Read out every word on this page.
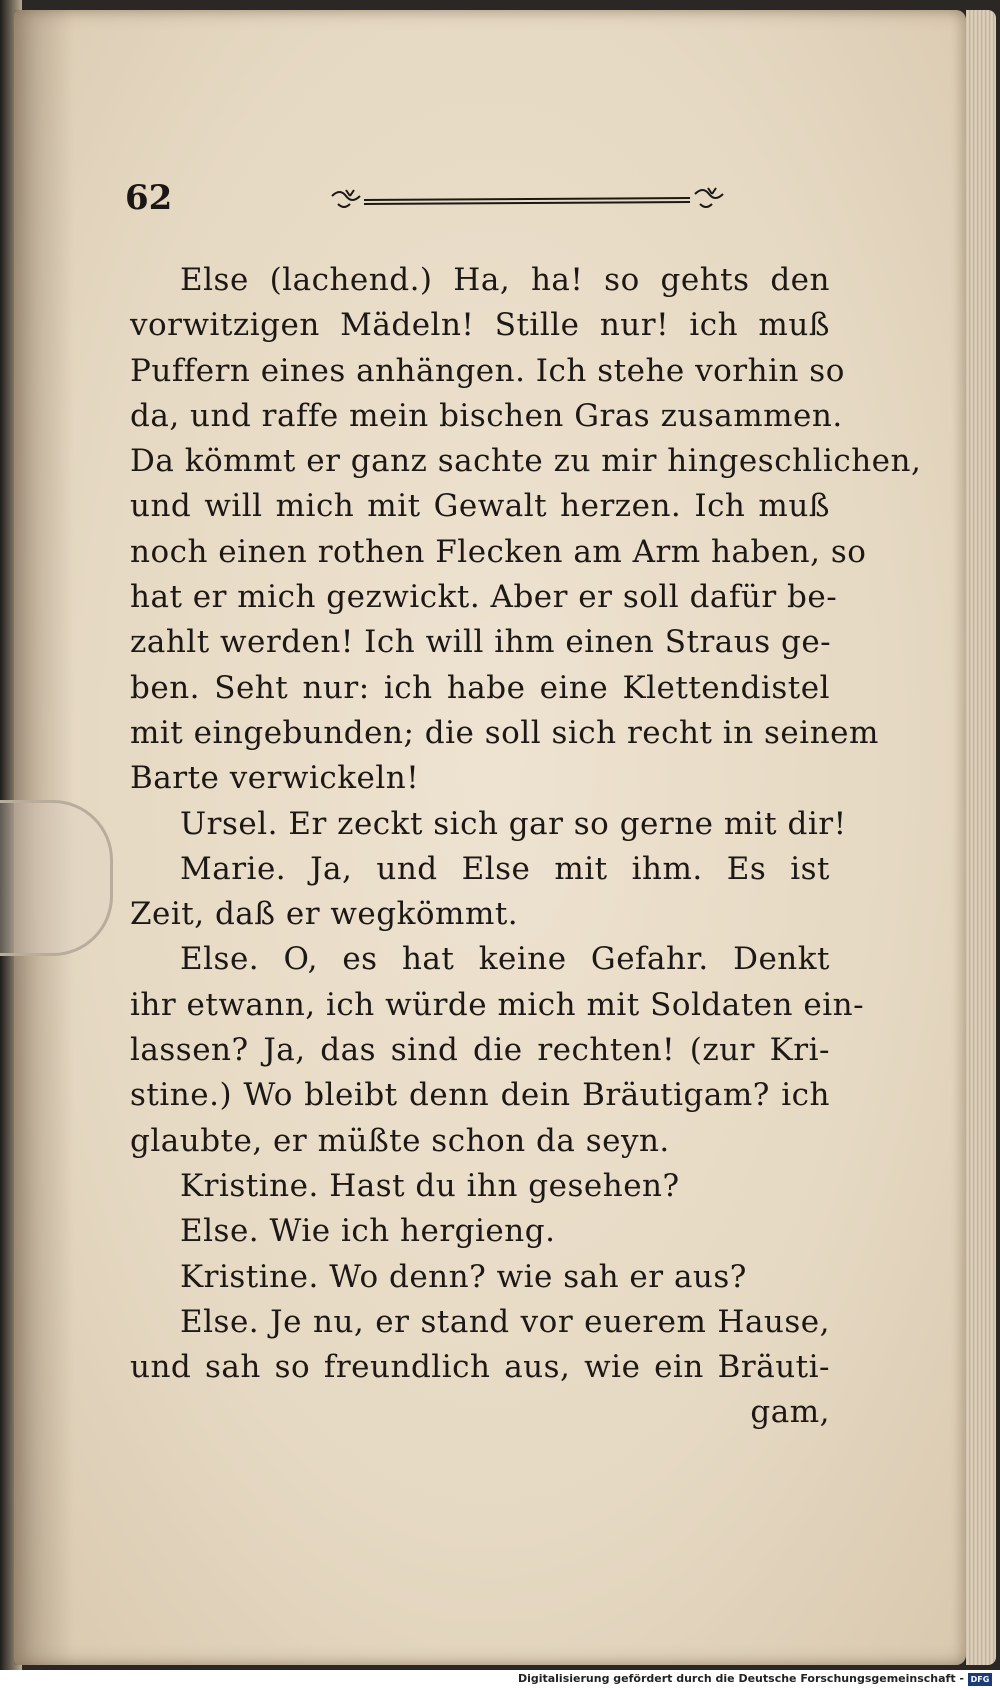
62
Else (lachend.) Ha, ha! so gehts den
vorwitzigen Mädeln! Stille nur! ich muß
Puffern eines anhängen. Ich stehe vorhin so
da, und raffe mein bischen Gras zusammen.
Da kömmt er ganz sachte zu mir hingeschlichen,
und will mich mit Gewalt herzen. Ich muß
noch einen rothen Flecken am Arm haben, so
hat er mich gezwickt. Aber er soll dafür be-
zahlt werden! Ich will ihm einen Straus ge-
ben. Seht nur: ich habe eine Klettendistel
mit eingebunden; die soll sich recht in seinem
Barte verwickeln!
Ursel. Er zeckt sich gar so gerne mit dir!
Marie. Ja, und Else mit ihm. Es ist
Zeit, daß er wegkömmt.
Else. O, es hat keine Gefahr. Denkt
ihr etwann, ich würde mich mit Soldaten ein-
lassen? Ja, das sind die rechten! (zur Kri-
stine.) Wo bleibt denn dein Bräutigam? ich
glaubte, er müßte schon da seyn.
Kristine. Hast du ihn gesehen?
Else. Wie ich hergieng.
Kristine. Wo denn? wie sah er aus?
Else. Je nu, er stand vor euerem Hause,
und sah so freundlich aus, wie ein Bräuti-
gam,
Digitalisierung gefördert durch die Deutsche Forschungsgemeinschaft - DFG
